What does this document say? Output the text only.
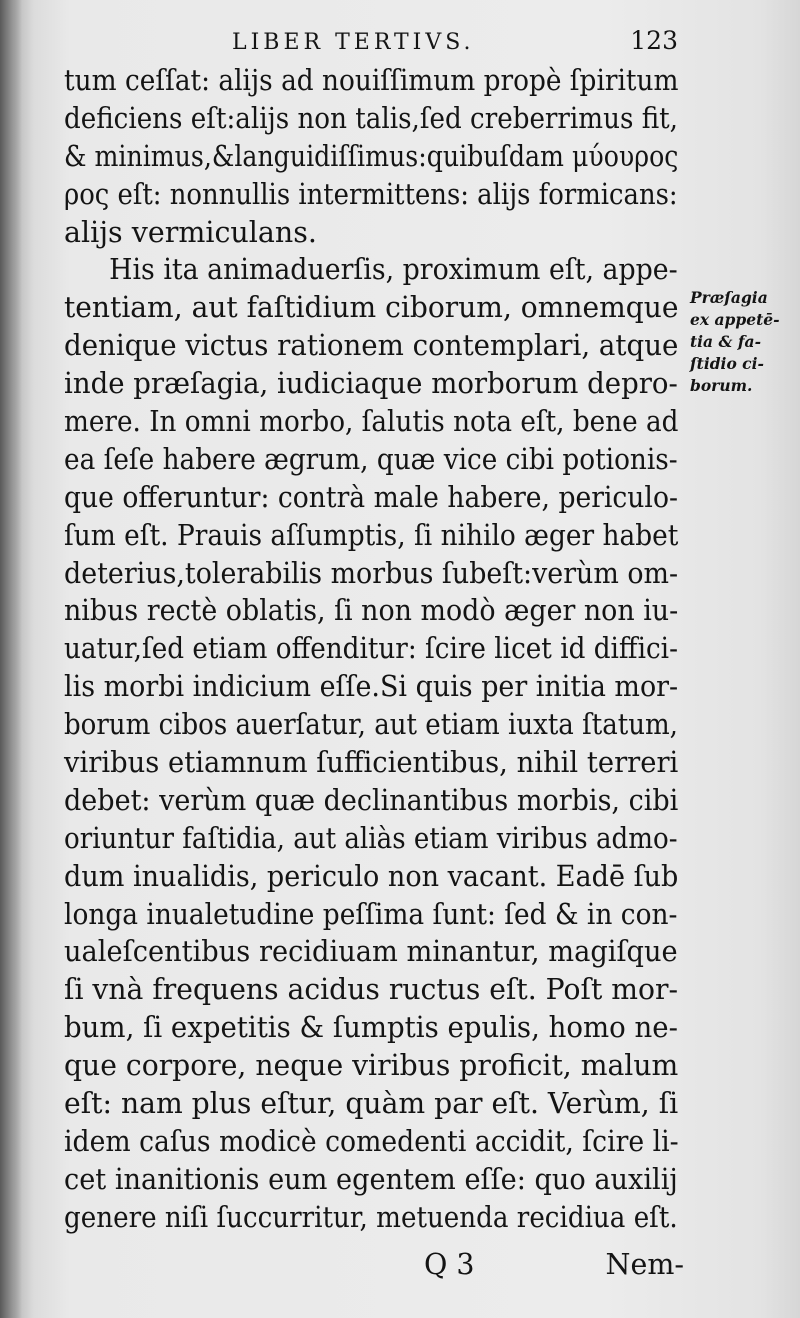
LIBER TERTIVS.	123
tum ceſſat: alijs ad nouiſſimum propè ſpiritum
deficiens eſt:alijs non talis,ſed creberrimus fit,
& minimus,&languidiſſimus:quibuſdam μύουρος
ρος eſt: nonnullis intermittens: alijs formicans:
alijs vermiculans.
His ita animaduerſis, proximum eſt, appe-
tentiam, aut faſtidium ciborum, omnemque
denique victus rationem contemplari, atque
inde præſagia, iudiciaque morborum depro-
mere. In omni morbo, ſalutis nota eſt, bene ad
ea ſeſe habere ægrum, quæ vice cibi potionis-
que offeruntur: contrà male habere, periculo-
ſum eſt. Prauis aſſumptis, ſi nihilo æger habet
deterius,tolerabilis morbus ſubeſt:verùm om-
nibus rectè oblatis, ſi non modò æger non iu-
uatur,ſed etiam offenditur: ſcire licet id diffici-
lis morbi indicium eſſe.Si quis per initia mor-
borum cibos auerſatur, aut etiam iuxta ſtatum,
viribus etiamnum ſufficientibus, nihil terreri
debet: verùm quæ declinantibus morbis, cibi
oriuntur faſtidia, aut aliàs etiam viribus admo-
dum inualidis, periculo non vacant. Eadē ſub
longa inualetudine peſſima ſunt: ſed & in con-
ualeſcentibus recidiuam minantur, magiſque
ſi vnà frequens acidus ructus eſt. Poſt mor-
bum, ſi expetitis & ſumptis epulis, homo ne-
que corpore, neque viribus proficit, malum
eſt: nam plus eſtur, quàm par eſt. Verùm, ſi
idem caſus modicè comedenti accidit, ſcire li-
cet inanitionis eum egentem eſſe: quo auxilij
genere niſi ſuccurritur, metuenda recidiua eſt.
Præſagia
ex appetē-
tia & fa-
ſtidio ci-
borum.
Q 3	Nem-
